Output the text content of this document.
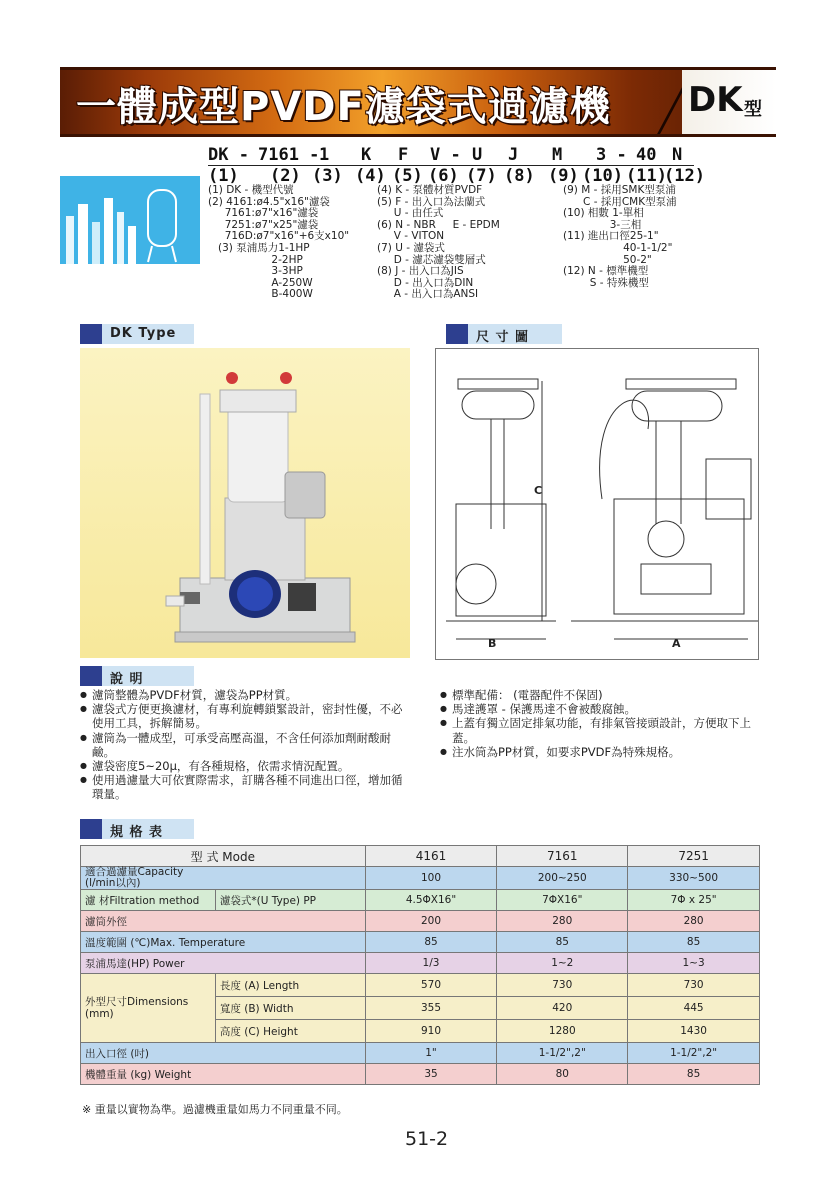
一體成型PVDF濾袋式過濾機 DK 型
DK - 7161 - 1 K F V - U J M 3 - 40 N
(1) (2) (3) (4) (5) (6) (7) (8) (9) (10) (11)
(12)
(1) DK - 機型代號
(2) 4161:ø4.5"x16"濾袋
7161:ø7"x16"濾袋
7251:ø7"x25"濾袋
716D:ø7"x16"+6支x10"
(3) 泵浦馬力1-1HP
2-2HP
3-3HP
A-250W
B-400W
(4) K - 泵體材質PVDF
(5) F - 出入口為法蘭式
U - 由任式
(6) N - NBR     E - EPDM
V - VITON
(7) U - 濾袋式
D - 濾芯濾袋雙層式
(8) J - 出入口為JIS
D - 出入口為DIN
A - 出入口為ANSI
(9) M - 採用SMK型泵浦
C - 採用CMK型泵浦
(10) 相數 1-單相
3-三相
(11) 進出口徑25-1"
40-1-1/2"
50-2"
(12) N - 標準機型
S - 特殊機型
DK Type	尺 寸 圖
C
B	A
說 明
● 濾筒整體為PVDF材質，濾袋為PP材質。
● 濾袋式方便更換濾材，有專利旋轉鎖緊設計，密封性優，不必使用工具，拆解簡易。
● 濾筒為一體成型，可承受高壓高溫，不含任何添加劑耐酸耐鹼。
● 濾袋密度5~20μ，有各種規格，依需求情況配置。
● 使用過濾量大可依實際需求，訂購各種不同進出口徑，增加循環量。
● 標準配備： (電器配件不保固)
● 馬達護罩 - 保護馬達不會被酸腐蝕。
● 上蓋有獨立固定排氣功能，有排氣管接頭設計，方便取下上蓋。
● 注水筒為PP材質，如要求PVDF為特殊規格。
規 格 表
型 式 Mode		4161	7161	7251
適合過濾量Capacity
(l/min以內)		100	200~250	330~500
濾 材Filtration method	濾袋式*(U Type) PP	4.5ΦX16"	7ΦX16"	7Φ x 25"
濾筒外徑		200	280	280
溫度範圍 (℃)Max. Temperature		85	85	85
泵浦馬達(HP) Power		1/3	1~2	1~3
外型尺寸Dimensions
(mm)	長度 (A) Length	570	730	730
	寬度 (B) Width	355	420	445
	高度 (C) Height	910	1280	1430
出入口徑 (吋)		1"	1-1/2",2"	1-1/2",2"
機體重量 (kg) Weight		35	80	85
※ 重量以實物為準。過濾機重量如馬力不同重量不同。
51-2
